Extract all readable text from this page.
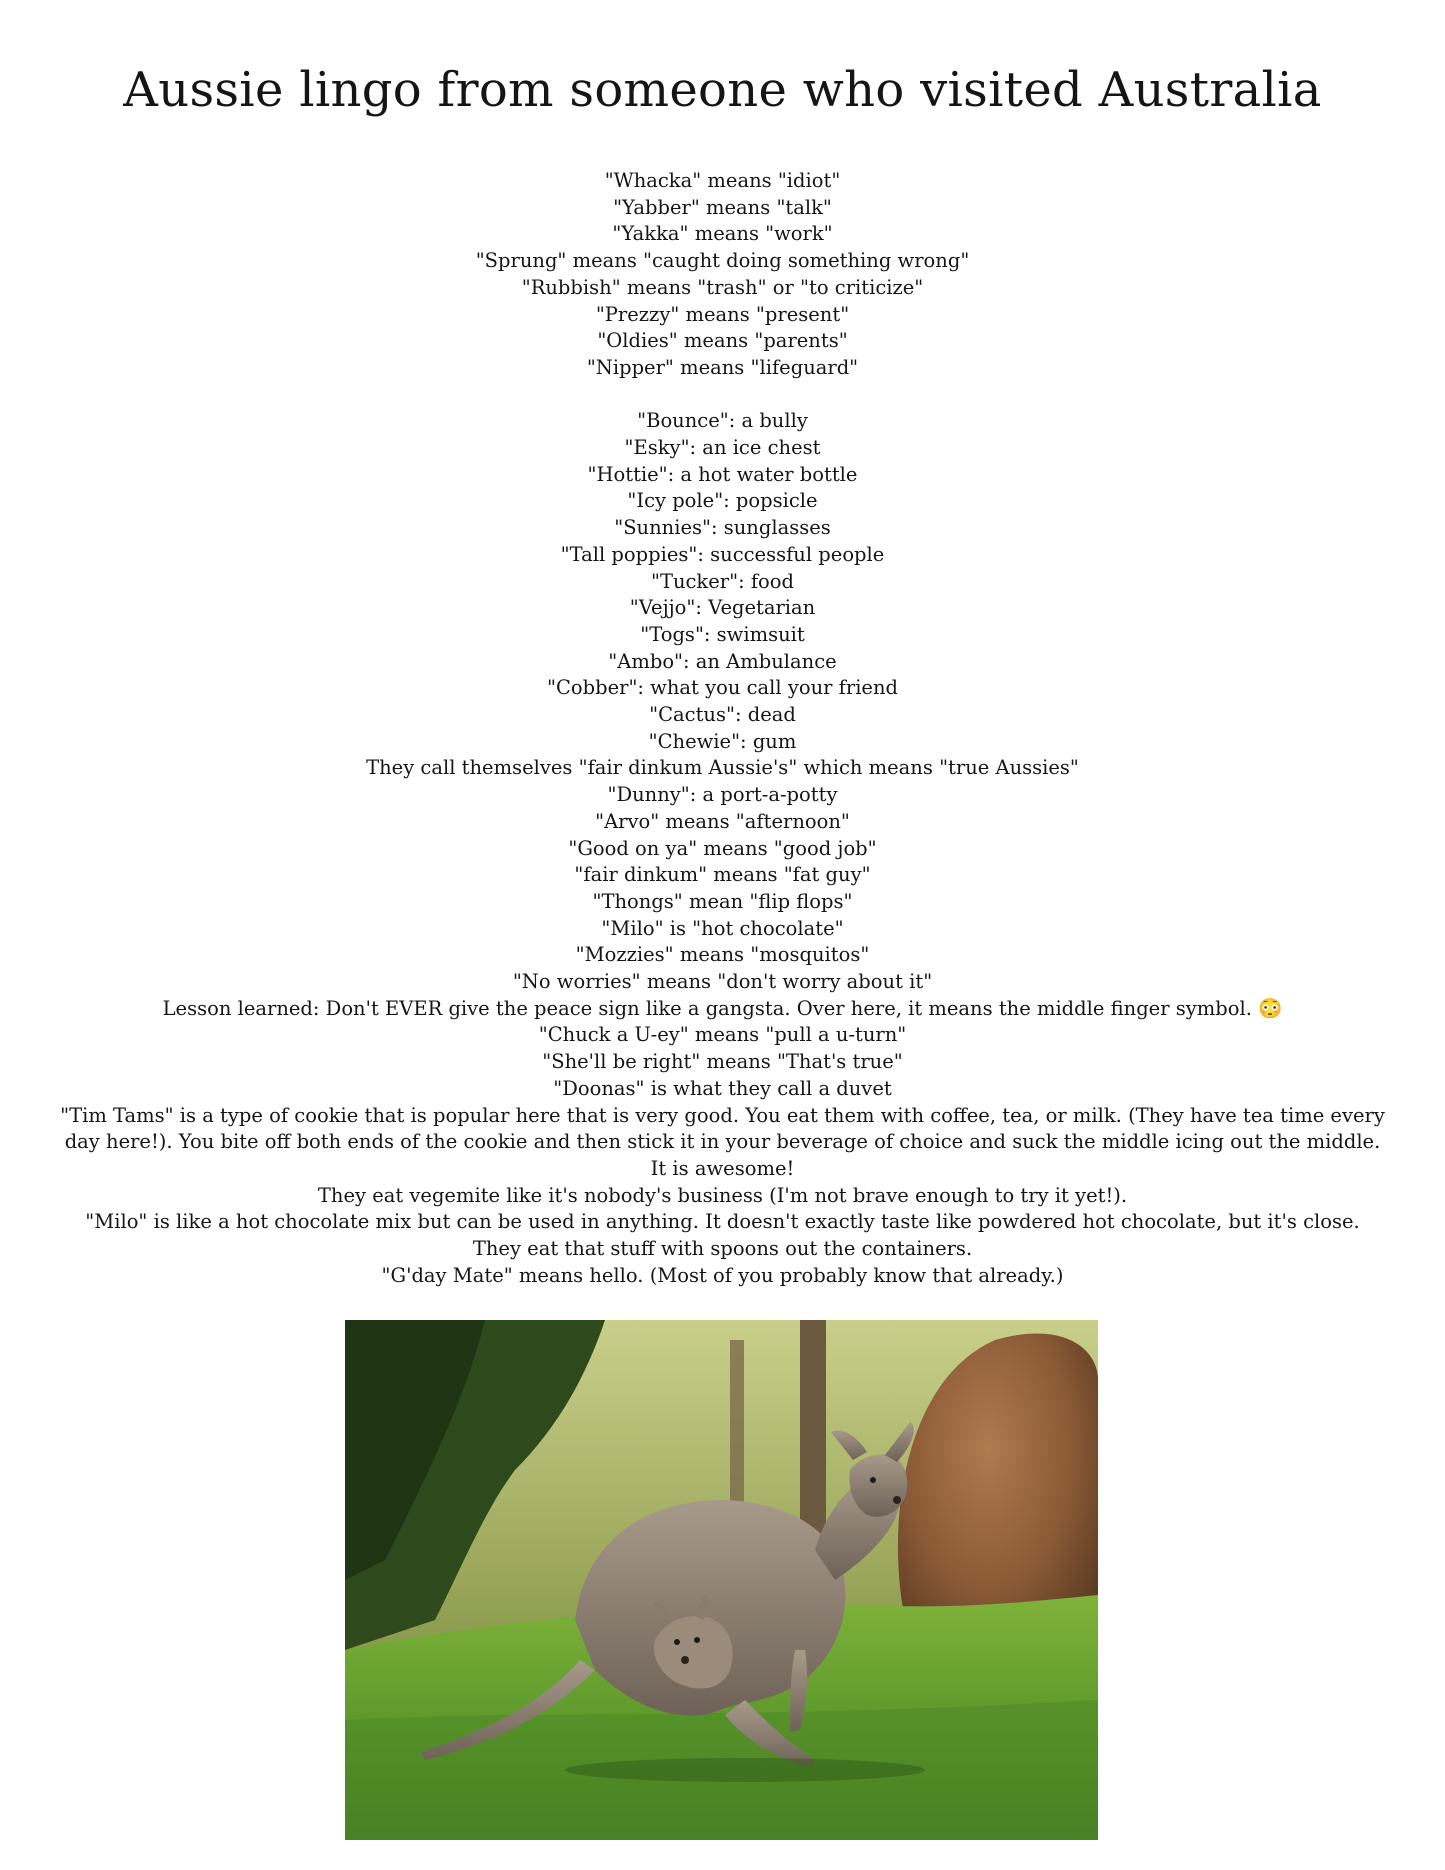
Aussie lingo from someone who visited Australia
"Whacka" means "idiot"
"Yabber" means "talk"
"Yakka" means "work"
"Sprung" means "caught doing something wrong"
"Rubbish" means "trash" or "to criticize"
"Prezzy" means "present"
"Oldies" means "parents"
"Nipper" means "lifeguard"
"Bounce": a bully
"Esky": an ice chest
"Hottie": a hot water bottle
"Icy pole": popsicle
"Sunnies": sunglasses
"Tall poppies": successful people
"Tucker": food
"Vejjo": Vegetarian
"Togs": swimsuit
"Ambo": an Ambulance
"Cobber": what you call your friend
"Cactus": dead
"Chewie": gum
They call themselves "fair dinkum Aussie's" which means "true Aussies"
"Dunny": a port-a-potty
"Arvo" means "afternoon"
"Good on ya" means "good job"
"fair dinkum" means "fat guy"
"Thongs" mean "flip flops"
"Milo" is "hot chocolate"
"Mozzies" means "mosquitos"
"No worries" means "don't worry about it"
Lesson learned: Don't EVER give the peace sign like a gangsta. Over here, it means the middle finger symbol. 😳
"Chuck a U-ey" means "pull a u-turn"
"She'll be right" means "That's true"
"Doonas" is what they call a duvet
"Tim Tams" is a type of cookie that is popular here that is very good. You eat them with coffee, tea, or milk. (They have tea time every day here!). You bite off both ends of the cookie and then stick it in your beverage of choice and suck the middle icing out the middle. It is awesome!
They eat vegemite like it's nobody's business (I'm not brave enough to try it yet!).
"Milo" is like a hot chocolate mix but can be used in anything. It doesn't exactly taste like powdered hot chocolate, but it's close. They eat that stuff with spoons out the containers.
"G'day Mate" means hello. (Most of you probably know that already.)
